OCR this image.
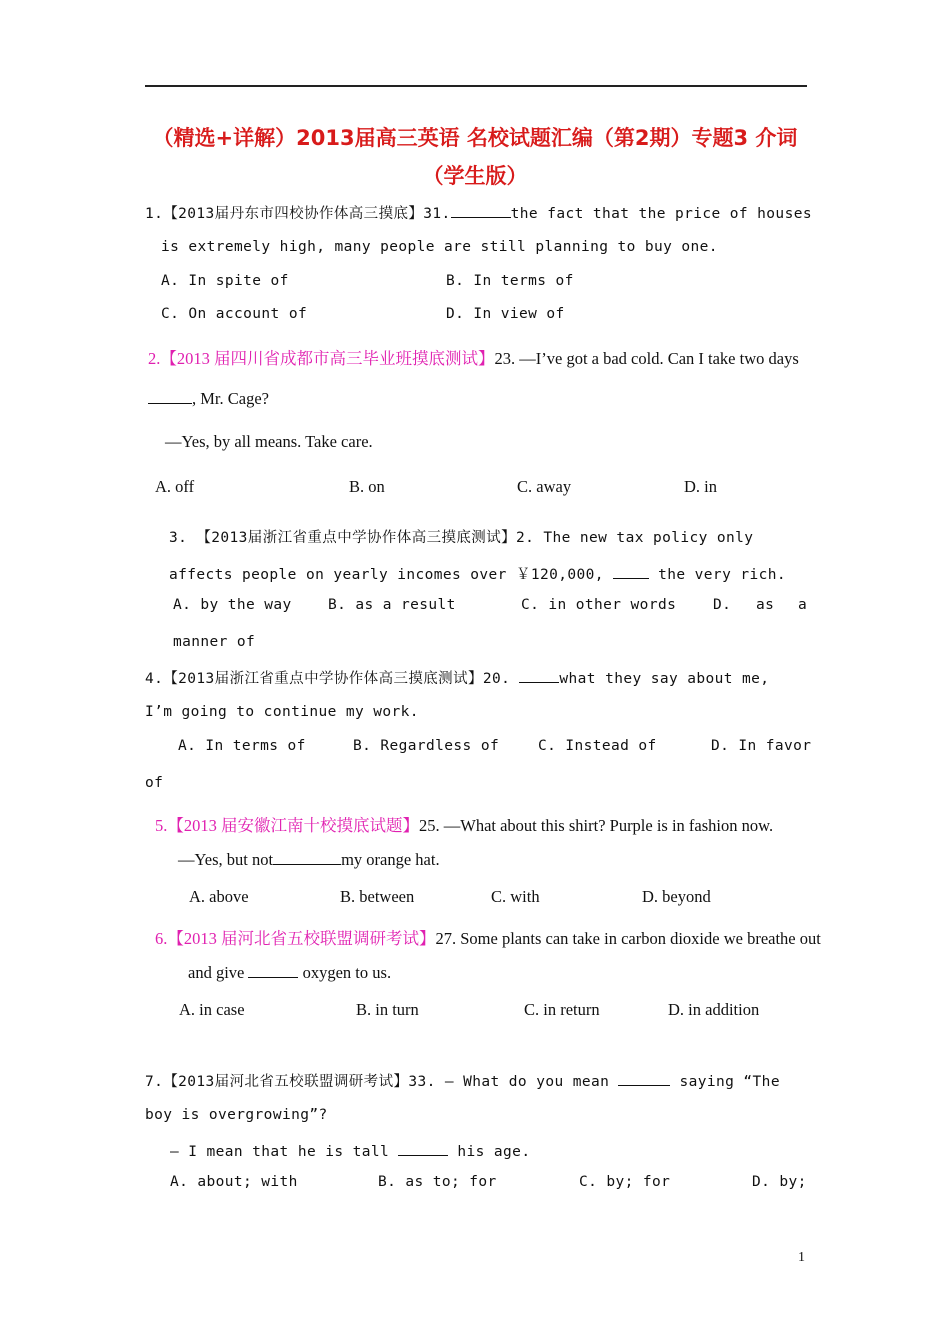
（精选+详解）2013届高三英语 名校试题汇编（第2期）专题3 介词
（学生版）
1.【2013届丹东市四校协作体高三摸底】31.	the fact that the price of houses
is extremely high, many people are still planning to buy one.
A. In spite of	B. In terms of
C. On account of	D. In view of
2.【2013 届四川省成都市高三毕业班摸底测试】23. —I’ve got a bad cold. Can I take two days
, Mr. Cage?
—Yes, by all means. Take care.
A. off	B. on	C. away	D. in
3. 【2013届浙江省重点中学协作体高三摸底测试】2. The new tax policy only
affects people on yearly incomes over ￥120,000,	the very rich.
A. by the way	B. as a result	C. in other words	D. as a
manner of
4.【2013届浙江省重点中学协作体高三摸底测试】20.	what they say about me,
I’m going to continue my work.
A. In terms of	B. Regardless of	C. Instead of	D. In favor
of
5.【2013 届安徽江南十校摸底试题】25. —What about this shirt? Purple is in fashion now.
—Yes, but not	my orange hat.
A. above	B. between	C. with	D. beyond
6.【2013 届河北省五校联盟调研考试】27. Some plants can take in carbon dioxide we breathe out
and give	oxygen to us.
A. in case	B. in turn	C. in return	D. in addition
7.【2013届河北省五校联盟调研考试】33. — What do you mean	saying “The
boy is overgrowing”?
— I mean that he is tall	his age.
A. about; with	B. as to; for	C. by; for	D. by;
1
